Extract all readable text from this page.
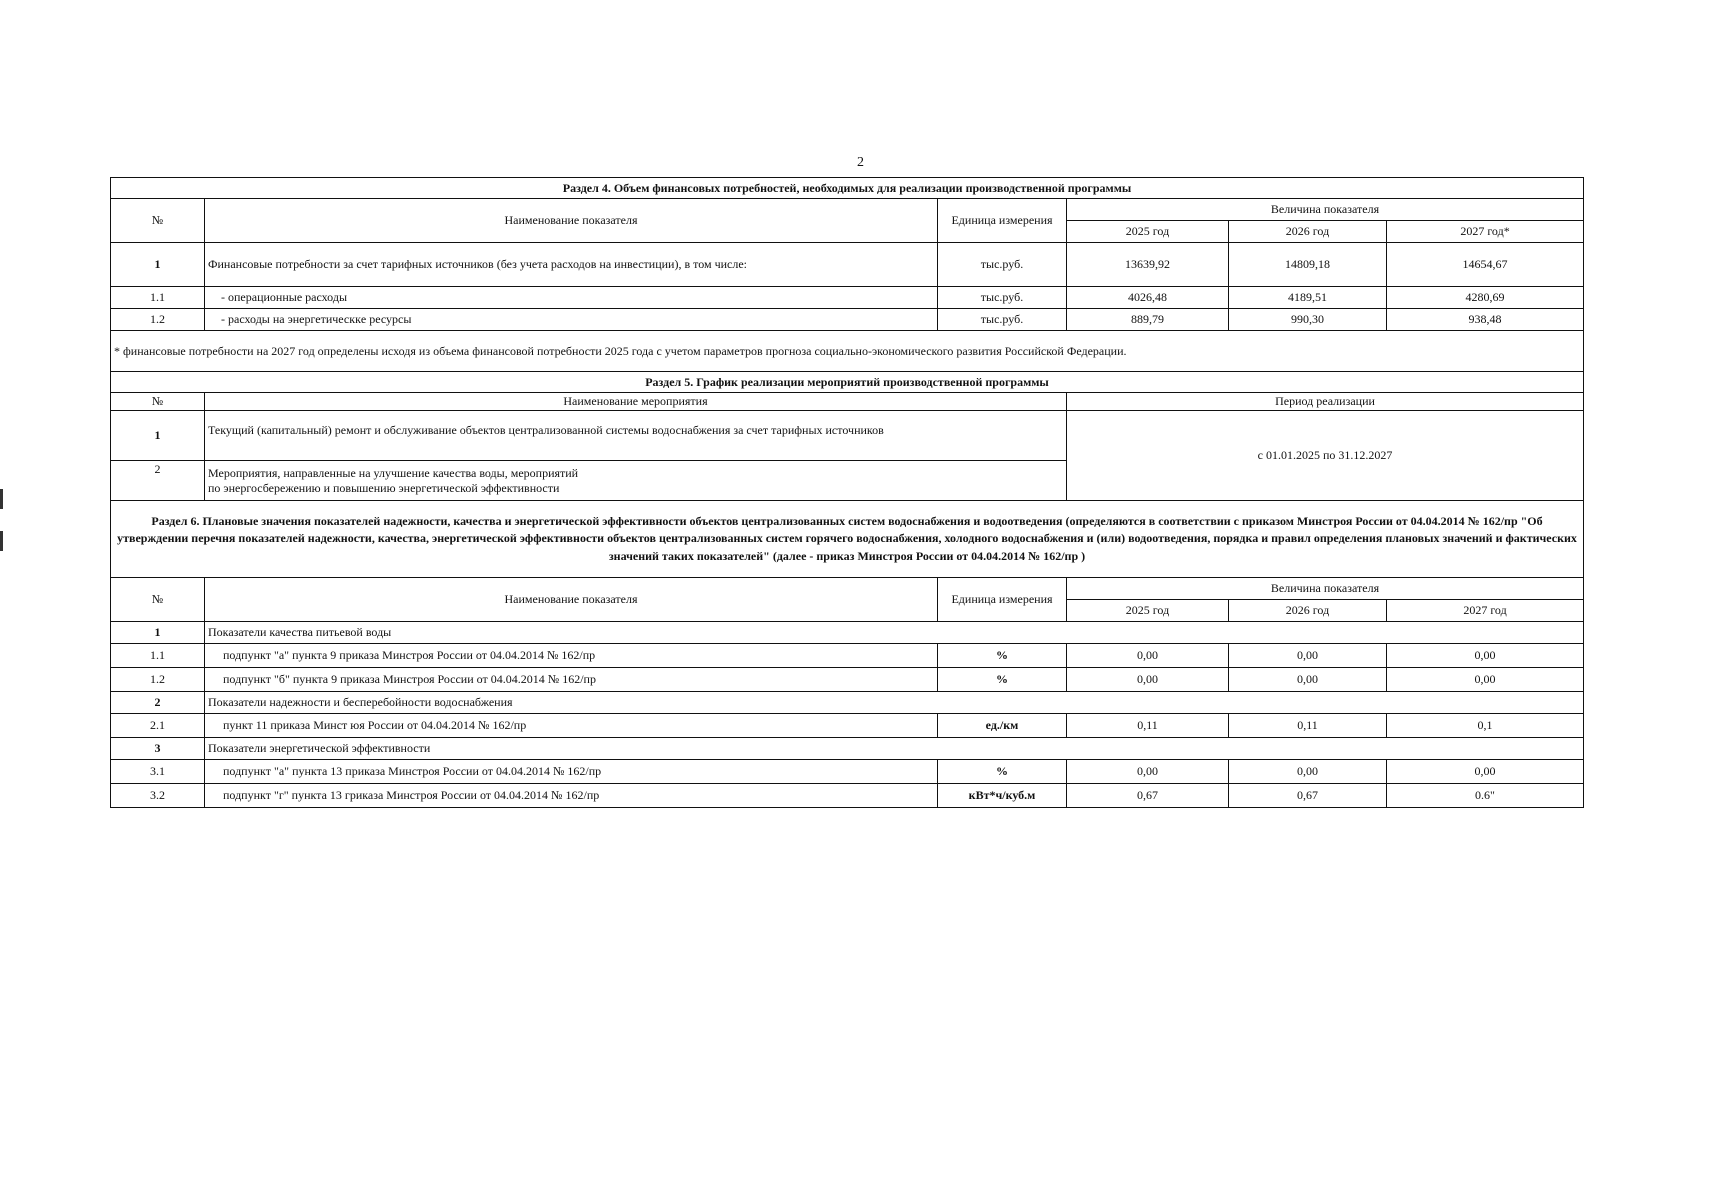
2
Раздел 4. Объем финансовых потребностей, необходимых для реализации производственной программы					
№	Наименование показателя	Единица измерения	Величина показателя		
			2025 год	2026 год	2027 год*
1	Финансовые потребности за счет тарифных источников (без учета расходов на инвестиции), в том числе:	тыс.руб.	13639,92	14809,18	14654,67
1.1	- операционные расходы	тыс.руб.	4026,48	4189,51	4280,69
1.2	- расходы на энергетическкe ресурсы	тыс.руб.	889,79	990,30	938,48
* финансовые потребности на 2027 год определены исходя из объема финансовой потребности 2025 года с учетом параметров прогноза социально-экономического развития Российской Федерации.					
Раздел 5. График реализации мероприятий производственной программы					
№	Наименование мероприятия		Период реализации		
1	Текущий (капитальный) ремонт и обслуживание объектов централизованной системы водоснабжения за счет тарифных источников		с 01.01.2025 по 31.12.2027		
2	Мероприятия, направленные на улучшение качества воды, мероприятий
по энергосбережению и повышению энергетической эффективности				

Раздел 6. Плановые значения показателей надежности, качества и энергетической эффективности объектов централизованных систем водоснабжения и водоотведения (определяются в соответствии с приказом Минстроя России от 04.04.2014 № 162/пр "Об утверждении перечня показателей надежности, качества, энергетической эффективности объектов централизованных систем горячего водоснабжения, холодного водоснабжения и (или) водоотведения, порядка и правил определения плановых значений и фактических значений таких показателей" (далее - приказ Минстроя России от 04.04.2014 № 162/пр )					
№	Наименование показателя	Единица измерения	Величина показателя		
			2025 год	2026 год	2027 год
1	Показатели качества питьевой воды				
1.1	подпункт "а" пункта 9 приказа Минстроя России от 04.04.2014 № 162/пр	%	0,00	0,00	0,00
1.2	подпункт "б" пункта 9 приказа Минстроя России от 04.04.2014 № 162/пр	%	0,00	0,00	0,00
2	Показатели надежности и бесперебойности водоснабжения				
2.1	пункт 11 приказа Минст юя России от 04.04.2014 № 162/пр	ед./км	0,11	0,11	0,1
3	Показатели энергетической эффективности				
3.1	подпункт "а" пункта 13 приказа Минстроя России от 04.04.2014 № 162/пр	%	0,00	0,00	0,00
3.2	подпункт "г" пункта 13 гриказа Минстроя России от 04.04.2014 № 162/пр	кВт*ч/куб.м	0,67	0,67	0.6"
